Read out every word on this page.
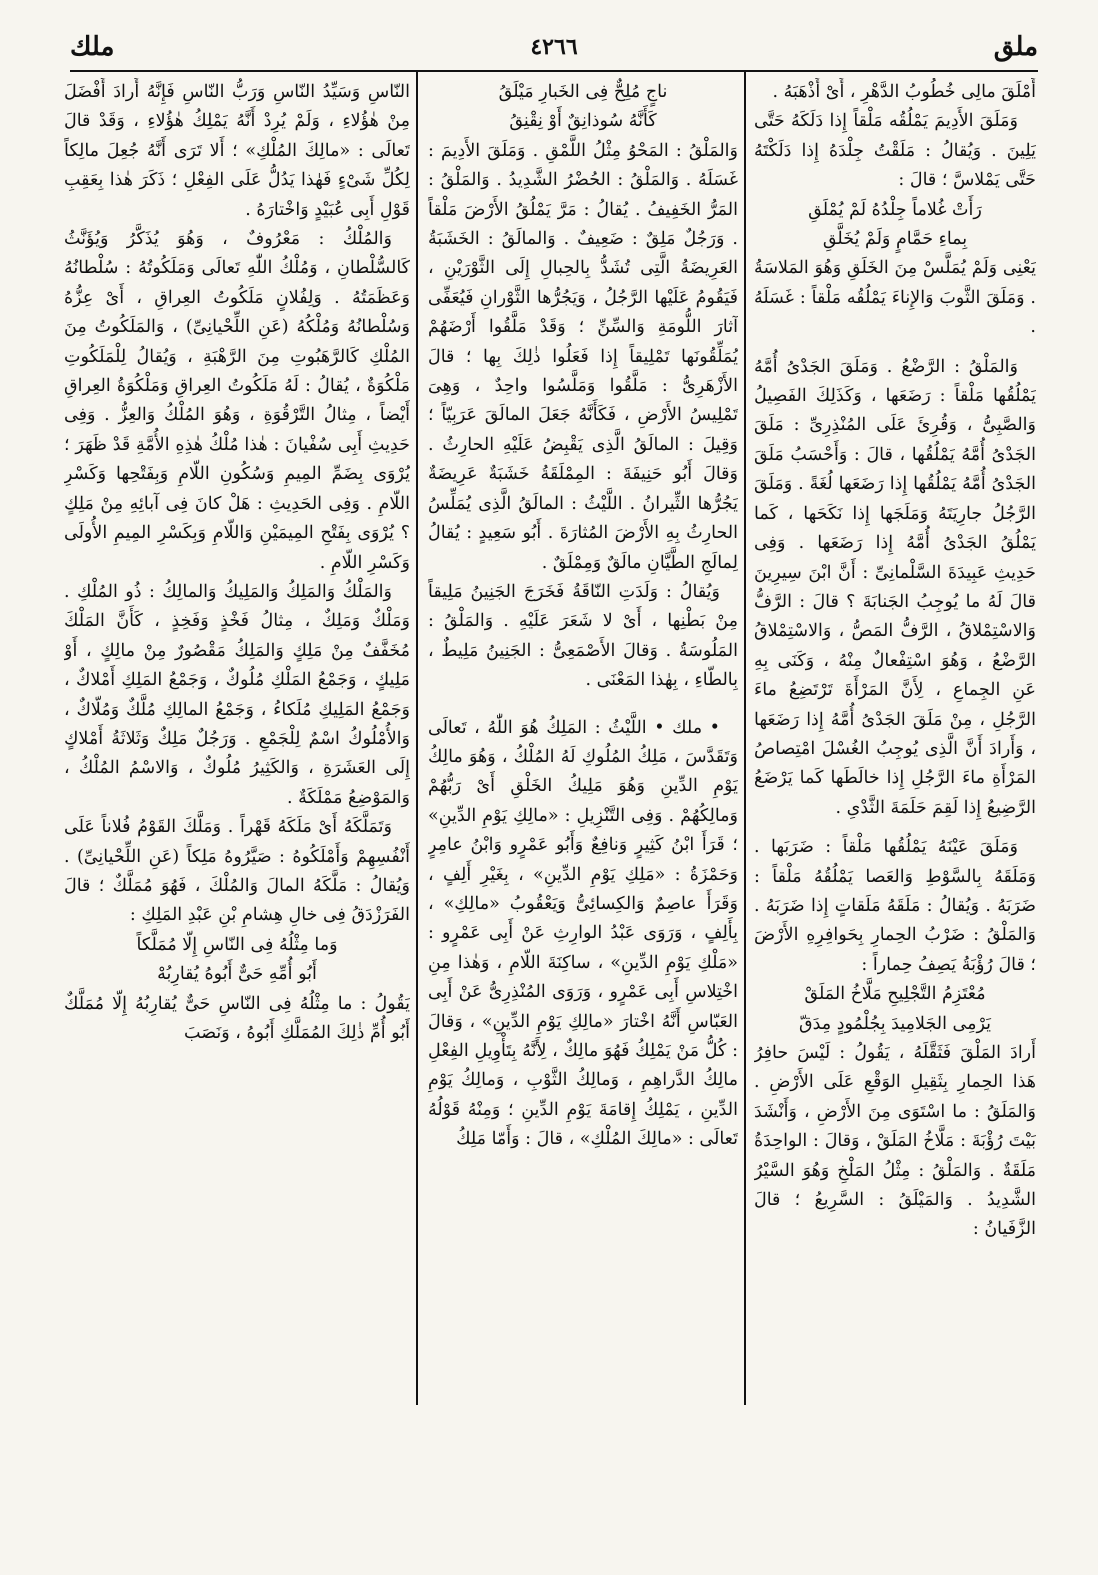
ملق
٤٢٦٦
ملك

أَمْلَقَ مالِى خُطُوبُ الدَّهْرِ ، أَىْ أَذْهَبَهُ .

وَمَلَقَ الأَدِيمَ يَمْلُقُه مَلْقاً إِذا دَلَكَهُ حَتَّى يَلِينَ . وَيُقالُ : مَلَقْتُ جِلْدَهُ إِذا دَلَكْتَهُ حَتَّى يَمْلاسَّ ؛ قالَ :

رَأَتْ غُلاماً جِلْدُهُ لَمْ يُمْلَقِ

بِماءِ حَمَّامٍ وَلَمْ يُخَلَّقِ

يَعْنِى وَلَمْ يُمَلَّسْ مِنَ الخَلَقِ وَهُوَ المَلاسَةُ . وَمَلَقَ الثَّوبَ وَالإِناءَ يَمْلُقُه مَلْقاً : غَسَلَهُ .

وَالمَلْقُ : الرَّضْعُ . وَمَلَقَ الجَدْىُ أُمَّهُ يَمْلُقُها مَلْقاً : رَضَعَها ، وَكَذَلِكَ الفَصِيلُ وَالصَّبِىُّ ، وَقُرِئَ عَلَى المُنْذِرِىِّ : مَلَقَ الجَدْىُ أُمَّهُ يَمْلُقُها ، قالَ : وَأَحْسَبُ مَلَقَ الجَدْىُ أُمَّهُ يَمْلُقُها إِذا رَضَعَها لُغَةً . وَمَلَقَ الرَّجُلُ جارِيَتَهُ وَمَلَجَها إِذا نَكَحَها ، كَما يَمْلُقُ الجَدْىُ أُمَّهُ إِذا رَضَعَها . وَفِى حَدِيثِ عَبِيدَةَ السَّلْمانِىِّ : أَنَّ ابْنَ سِيرِينَ قالَ لَهُ ما يُوجِبُ الجَنابَةَ ؟ قالَ : الرَّفُّ وَالاسْتِمْلاقُ ، الرَّفُّ المَصُّ ، وَالاسْتِمْلاقُ الرَّضْعُ ، وَهُوَ اسْتِفْعالٌ مِنْهُ ، وَكَنَى بِهِ عَنِ الجِماعِ ، لِأَنَّ المَرْأَةَ تَرْتَضِعُ ماءَ الرَّجُلِ ، مِنْ مَلَقَ الجَدْىُ أُمَّهُ إِذا رَضَعَها ، وَأَرادَ أَنَّ الَّذِى يُوجِبُ الغُسْلَ امْتِصاصُ المَرْأَةِ ماءَ الرَّجُلِ إِذا خالَطَها كَما يَرْضَعُ الرَّضِيعُ إِذا لَقِمَ حَلَمَةَ الثَّدْىِ .

وَمَلَقَ عَيْنَهُ يَمْلُقُها مَلْقاً : ضَرَبَها . وَمَلَقَهُ بِالسَّوْطِ وَالعَصا يَمْلُقُهُ مَلْقاً : ضَرَبَهُ . وَيُقالُ : مَلَقَهُ مَلَقاتٍ إِذا ضَرَبَهُ . وَالمَلْقُ : ضَرْبُ الحِمارِ بِحَوافِرِهِ الأَرْضَ ؛ قالَ رُؤْبَةُ يَصِفُ حِماراً :

مُعْتَزِمُ التَّجْلِيحِ مَلَّاخُ المَلَقْ

يَرْمِى الجَلامِيدَ بِجُلْمُودٍ مِدَقّ

أَرادَ المَلْقَ فَثَقَّلَهُ ، يَقُولُ : لَيْسَ حافِرُ هَذا الحِمارِ بِثَقِيلِ الوَقْعِ عَلَى الأَرْضِ . وَالمَلَقُ : ما اسْتَوَى مِنَ الأَرْضِ ، وَأَنْشَدَ بَيْتَ رُؤْبَةَ : مَلَّاخُ المَلَقْ ، وَقالَ : الواحِدَةُ مَلَقَةٌ . وَالمَلْقُ : مِثْلُ المَلْخِ وَهُوَ السَّيْرُ الشَّدِيدُ . وَالمَيْلَقُ : السَّرِيعُ ؛ قالَ الزَّفَيانُ :

ناجٍ مُلِحٌّ فِى الخَبارِ مَيْلَقُ

كَأَنَّهُ سُوذانِقٌ أَوْ نِقْنِقُ

وَالمَلْقُ : المَحْوُ مِثْلُ اللَّمْقِ . وَمَلَقَ الأَدِيمَ : غَسَلَهُ . وَالمَلْقُ : الحُضْرُ الشَّدِيدُ . وَالمَلْقُ : المَرُّ الخَفِيفُ . يُقالُ : مَرَّ يَمْلُقُ الأَرْضَ مَلْقاً . وَرَجُلٌ مَلِقٌ : ضَعِيفٌ . وَالمالَقُ : الخَشَبَةُ العَرِيضَةُ الَّتِى تُشَدُّ بِالحِبالِ إِلَى الثَّوْرَيْنِ ، فَيَقُومُ عَلَيْها الرَّجُلُ ، وَيَجُرُّها الثَّوْرانِ فَيُعَفِّى آثارَ اللُّومَةِ وَالسِّنِّ ؛ وَقَدْ مَلَّقُوا أَرْضَهُمْ يُمَلِّقُونَها تَمْلِيقاً إِذا فَعَلُوا ذٰلِكَ بِها ؛ قالَ الأَزْهَرِىُّ : مَلَّقُوا وَمَلَّسُوا واحِدٌ ، وَهِىَ تَمْلِيسُ الأَرْضِ ، فَكَأَنَّهُ جَعَلَ المالَقَ عَرَبِيّاً ؛ وَقِيلَ : المالَقُ الَّذِى يَقْبِضُ عَلَيْهِ الحارِثُ . وَقالَ أَبُو حَنِيفَةَ : المِمْلَقَةُ خَشَبَةٌ عَرِيضَةٌ يَجُرُّها الثِّيرانُ . اللَّيْثُ : المالَقُ الَّذِى يُمَلِّسُ الحارِثُ بِهِ الأَرْضَ المُثارَةَ . أَبُو سَعِيدٍ : يُقالُ لِمالَجِ الطَّيَّانِ مالَقٌ وَمِمْلَقٌ .

وَيُقالُ : وَلَدَتِ النّاقَةُ فَخَرَجَ الجَنِينُ مَلِيقاً مِنْ بَطْنِها ، أَىْ لا شَعَرَ عَلَيْهِ . وَالمَلْقُ : المَلُوسَةُ . وَقالَ الأَصْمَعِىُّ : الجَنِينُ مَلِيطٌ ، بِالطّاءِ ، بِهٰذا المَعْنَى .

• ملك • اللَّيْثُ : المَلِكُ هُوَ اللّٰهُ ، تَعالَى وَتَقَدَّسَ ، مَلِكُ المُلُوكِ لَهُ المُلْكُ ، وَهُوَ مالِكُ يَوْمِ الدِّينِ وَهُوَ مَلِيكُ الخَلْقِ أَىْ رَبُّهُمْ وَمالِكُهُمْ . وَفِى التَّنْزِيلِ : «مالِكِ يَوْمِ الدِّينِ» ؛ قَرَأَ ابْنُ كَثِيرٍ وَنافِعٌ وَأَبُو عَمْرٍو وَابْنُ عامِرٍ وَحَمْزَةُ : «مَلِكِ يَوْمِ الدِّينِ» ، بِغَيْرِ أَلِفٍ ، وَقَرَأَ عاصِمٌ وَالكِسائِىُّ وَيَعْقُوبُ «مالِكِ» ، بِأَلِفٍ ، وَرَوَى عَبْدُ الوارِثِ عَنْ أَبِى عَمْرٍو : «مَلْكِ يَوْمِ الدِّينِ» ، ساكِنَةَ اللّامِ ، وَهٰذا مِنِ اخْتِلاسِ أَبِى عَمْرٍو ، وَرَوَى المُنْذِرِىُّ عَنْ أَبِى العَبّاسِ أَنَّهُ اخْتارَ «مالِكِ يَوْمِ الدِّينِ» ، وَقالَ : كُلُّ مَنْ يَمْلِكُ فَهُوَ مالِكٌ ، لِأَنَّهُ بِتَأْوِيلِ الفِعْلِ مالِكُ الدَّراهِمِ ، وَمالِكُ الثَّوْبِ ، وَمالِكُ يَوْمِ الدِّينِ ، يَمْلِكُ إِقامَةَ يَوْمِ الدِّينِ ؛ وَمِنْهُ قَوْلُهُ تَعالَى : «مالِكَ المُلْكِ» ، قالَ : وَأَمّا مَلِكُ

النّاسِ وَسَيِّدُ النّاسِ وَرَبُّ النّاسِ فَإِنَّهُ أَرادَ أَفْضَلَ مِنْ هٰؤُلاءِ ، وَلَمْ يُرِدْ أَنَّهُ يَمْلِكُ هٰؤُلاءِ ، وَقَدْ قالَ تَعالَى : «مالِكَ المُلْكِ» ؛ أَلا تَرَى أَنَّهُ جُعِلَ مالِكاً لِكُلِّ شَىْءٍ فَهٰذا يَدُلُّ عَلَى الفِعْلِ ؛ ذَكَرَ هٰذا بِعَقِبِ قَوْلِ أَبِى عُبَيْدٍ وَاخْتارَهُ .

وَالمُلْكُ : مَعْرُوفٌ ، وَهُوَ يُذَكَّرُ وَيُؤَنَّثُ كَالسُّلْطانِ ، وَمُلْكُ اللّٰهِ تَعالَى وَمَلَكُوتُهُ : سُلْطانُهُ وَعَظَمَتُهُ . وَلِفُلانٍ مَلَكُوتُ العِراقِ ، أَىْ عِزُّهُ وَسُلْطانُهُ وَمُلْكُهُ (عَنِ اللِّحْيانِىِّ) ، وَالمَلَكُوتُ مِنَ المُلْكِ كَالرَّهَبُوتِ مِنَ الرَّهْبَةِ ، وَيُقالُ لِلْمَلَكُوتِ مَلْكُوَةٌ ، يُقالُ : لَهُ مَلَكُوتُ العِراقِ وَمَلْكُوَةُ العِراقِ أَيْضاً ، مِثالُ التَّرْقُوَةِ ، وَهُوَ المُلْكُ وَالعِزُّ . وَفِى حَدِيثِ أَبِى سُفْيانَ : هٰذا مُلْكُ هٰذِهِ الأُمَّةِ قَدْ ظَهَرَ ؛ يُرْوَى بِضَمِّ المِيمِ وَسُكُونِ اللّامِ وَبِفَتْحِها وَكَسْرِ اللّامِ . وَفِى الحَدِيثِ : هَلْ كانَ فِى آبائِهِ مِنْ مَلِكٍ ؟ يُرْوَى بِفَتْحِ المِيمَيْنِ وَاللّامِ وَبِكَسْرِ المِيمِ الأُولَى وَكَسْرِ اللّامِ .

وَالمَلْكُ وَالمَلِكُ وَالمَلِيكُ وَالمالِكُ : ذُو المُلْكِ . وَمَلْكٌ وَمَلِكٌ ، مِثالُ فَخْذٍ وَفَخِذٍ ، كَأَنَّ المَلْكَ مُخَفَّفٌ مِنْ مَلِكٍ وَالمَلِكُ مَقْصُورٌ مِنْ مالِكٍ ، أَوْ مَلِيكٍ ، وَجَمْعُ المَلْكِ مُلُوكٌ ، وَجَمْعُ المَلِكِ أَمْلاكٌ ، وَجَمْعُ المَلِيكِ مُلَكاءُ ، وَجَمْعُ المالِكِ مُلَّكٌ وَمُلّاكٌ ، وَالأُمْلُوكُ اسْمٌ لِلْجَمْعِ . وَرَجُلٌ مَلِكٌ وَثَلاثَةُ أَمْلاكٍ إِلَى العَشَرَةِ ، وَالكَثِيرُ مُلُوكٌ ، وَالاسْمُ المُلْكُ ، وَالمَوْضِعُ مَمْلَكَةٌ .

وَتَمَلَّكَهُ أَىْ مَلَكَهُ قَهْراً . وَمَلَّكَ القَوْمُ فُلاناً عَلَى أَنْفُسِهِمْ وَأَمْلَكُوهُ : صَيَّرُوهُ مَلِكاً (عَنِ اللِّحْيانِىِّ) . وَيُقالُ : مَلَّكَهُ المالَ وَالمُلْكَ ، فَهُوَ مُمَلَّكٌ ؛ قالَ الفَرَزْدَقُ فِى خالِ هِشامِ بْنِ عَبْدِ المَلِكِ :

وَما مِثْلُهُ فِى النّاسِ إِلّا مُمَلَّكاً

أَبُو أُمِّهِ حَىٌّ أَبُوهُ يُقارِبُهْ

يَقُولُ : ما مِثْلُهُ فِى النّاسِ حَىٌّ يُقارِبُهُ إِلّا مُمَلَّكٌ أَبُو أُمِّ ذٰلِكَ المُمَلَّكِ أَبُوهُ ، وَنَصَبَ
